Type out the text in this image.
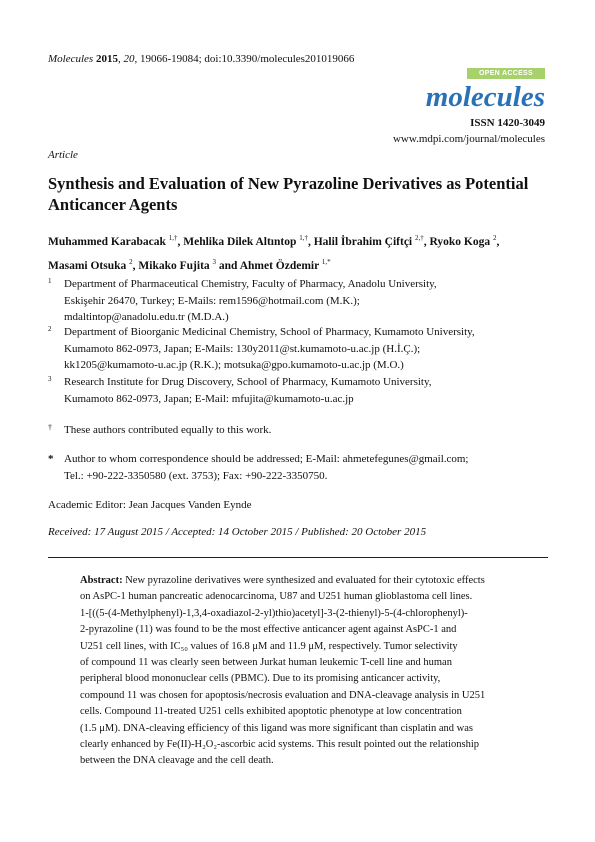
Molecules 2015, 20, 19066-19084; doi:10.3390/molecules201019066
OPEN ACCESS
molecules
ISSN 1420-3049
www.mdpi.com/journal/molecules
Article
Synthesis and Evaluation of New Pyrazoline Derivatives as Potential Anticancer Agents
Muhammed Karabacak $^{1,\dagger}$, Mehlika Dilek Altıntop $^{1,\dagger}$, Halil İbrahim Çiftçi $^{2,\dagger}$, Ryoko Koga $^2$,
Masami Otsuka $^2$, Mikako Fujita $^3$ and Ahmet Özdemir $^{1,*}$
1 Department of Pharmaceutical Chemistry, Faculty of Pharmacy, Anadolu University,
Eskişehir 26470, Turkey; E-Mails: rem1596@hotmail.com (M.K.);
mdaltintop@anadolu.edu.tr (M.D.A.)
2 Department of Bioorganic Medicinal Chemistry, School of Pharmacy, Kumamoto University,
Kumamoto 862-0973, Japan; E-Mails: 130y2011@st.kumamoto-u.ac.jp (H.İ.Ç.);
kk1205@kumamoto-u.ac.jp (R.K.); motsuka@gpo.kumamoto-u.ac.jp (M.O.)
3 Research Institute for Drug Discovery, School of Pharmacy, Kumamoto University,
Kumamoto 862-0973, Japan; E-Mail: mfujita@kumamoto-u.ac.jp
† These authors contributed equally to this work.
* Author to whom correspondence should be addressed; E-Mail: ahmetefegunes@gmail.com;
Tel.: +90-222-3350580 (ext. 3753); Fax: +90-222-3350750.
Academic Editor: Jean Jacques Vanden Eynde
Received: 17 August 2015 / Accepted: 14 October 2015 / Published: 20 October 2015
Abstract: New pyrazoline derivatives were synthesized and evaluated for their cytotoxic effects
on AsPC-1 human pancreatic adenocarcinoma, U87 and U251 human glioblastoma cell lines.
1-[((5-(4-Methylphenyl)-1,3,4-oxadiazol-2-yl)thio)acetyl]-3-(2-thienyl)-5-(4-chlorophenyl)-
2-pyrazoline (11) was found to be the most effective anticancer agent against AsPC-1 and
U251 cell lines, with IC₅₀ values of 16.8 μM and 11.9 μM, respectively. Tumor selectivity
of compound 11 was clearly seen between Jurkat human leukemic T-cell line and human
peripheral blood mononuclear cells (PBMC). Due to its promising anticancer activity,
compound 11 was chosen for apoptosis/necrosis evaluation and DNA-cleavage analysis in U251
cells. Compound 11-treated U251 cells exhibited apoptotic phenotype at low concentration
(1.5 μM). DNA-cleaving efficiency of this ligand was more significant than cisplatin and was
clearly enhanced by Fe(II)-H₂O₂-ascorbic acid systems. This result pointed out the relationship
between the DNA cleavage and the cell death.
